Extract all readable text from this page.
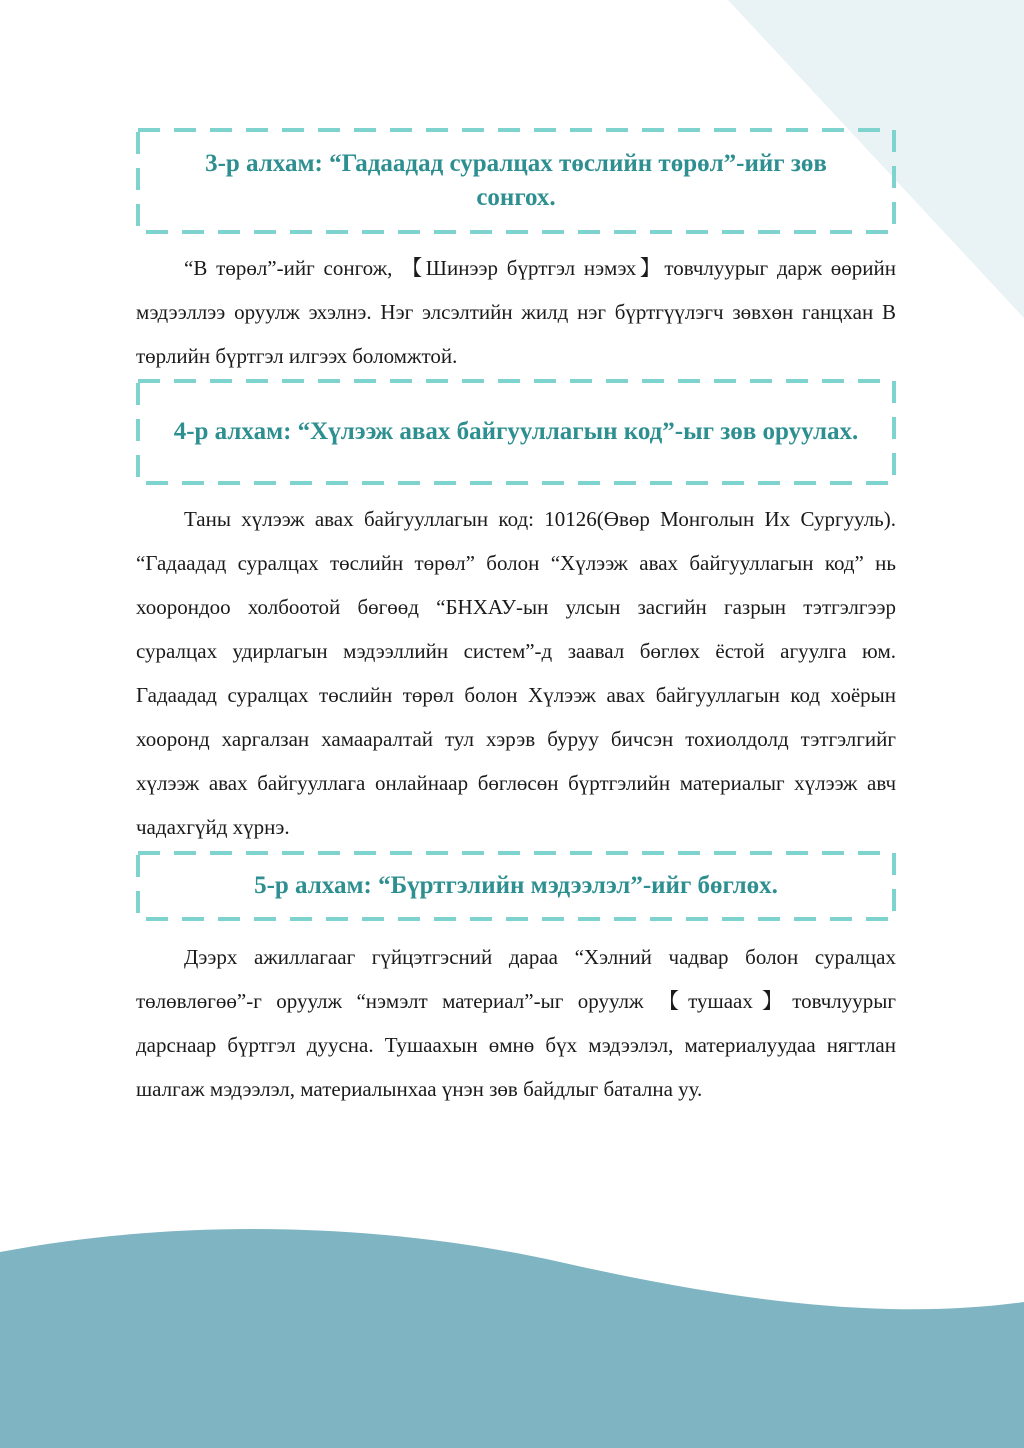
3-р алхам: “Гадаадад суралцах төслийн төрөл”-ийг зөв сонгох.

“B төрөл”-ийг сонгож, 【Шинээр бүртгэл нэмэх】товчлуурыг дарж өөрийн мэдээллээ оруулж эхэлнэ. Нэг элсэлтийн жилд нэг бүртгүүлэгч зөвхөн ганцхан B төрлийн бүртгэл илгээх боломжтой.

4-р алхам: “Хүлээж авах байгууллагын код”-ыг зөв оруулах.

Таны хүлээж авах байгууллагын код: 10126(Өвөр Монголын Их Сургууль). “Гадаадад суралцах төслийн төрөл” болон “Хүлээж авах байгууллагын код” нь хоорондоо холбоотой бөгөөд “БНХАУ-ын улсын засгийн газрын тэтгэлгээр суралцах удирлагын мэдээллийн систем”-д заавал бөглөх ёстой агуулга юм. Гадаадад суралцах төслийн төрөл болон Хүлээж авах байгууллагын код хоёрын хооронд харгалзан хамааралтай тул хэрэв буруу бичсэн тохиолдолд тэтгэлгийг хүлээж авах байгууллага онлайнаар бөглөсөн бүртгэлийн материалыг хүлээж авч чадахгүйд хүрнэ.

5-р алхам: “Бүртгэлийн мэдээлэл”-ийг бөглөх.

Дээрх ажиллагааг гүйцэтгэсний дараа “Хэлний чадвар болон суралцах төлөвлөгөө”-г оруулж “нэмэлт материал”-ыг оруулж 【тушаах】товчлуурыг дарснаар бүртгэл дуусна. Тушаахын өмнө бүх мэдээлэл, материалуудаа нягтлан шалгаж мэдээлэл, материалынхаа үнэн зөв байдлыг батална уу.
